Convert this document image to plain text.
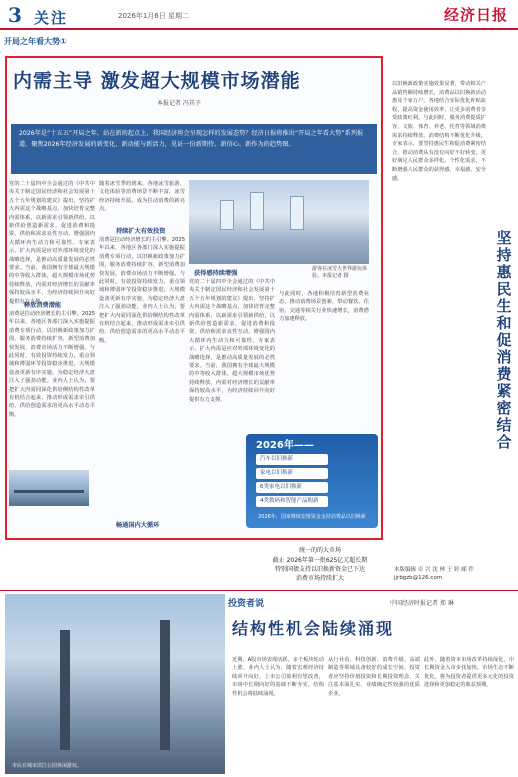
3 关注	2026年1月6日 星期二	经济日报
开局之年看大势①
内需主导 激发超大规模市场潜能
本报记者 冯其予
2026年是“十五五”开局之年，站在新的起点上，我国经济将会呈现怎样的发展态势？经济日报将推出“开局之年看大势”系列报道，聚焦2026年经济发展的新变化、新动能与新活力，见证一份新期待、新信心、新作为的趋势图。
释放消费潜能
党的二十届四中全会通过的《中共中央关于制定国民经济和社会发展第十五个五年规划的建议》提出，坚持扩大内需这个战略基点，加快培育完整内需体系，以新需求引领新供给，以新供给创造新需求，促进消费和投资、供给和需求良性互动，增强国内大循环内生动力和可靠性。专家表示，扩大内需是应对外部环境变化的战略选择，是推动高质量发展的必然要求。当前，我国拥有全球最大规模的中等收入群体，超大规模市场优势持续释放，内需对经济增长的贡献率保持较高水平，为经济持续回升向好提供有力支撑。
消费是拉动经济增长的主引擎。2025年以来，各地区各部门深入实施提振消费专项行动，以旧换新政策加力扩围，服务消费持续扩容，新型消费加快发展，消费市场活力不断增强。与此同时，有效投资持续发力，重点领域和薄弱环节投资稳步推进，大规模设备更新有序实施，为稳定经济大盘注入了强劲动能。业内人士认为，要把扩大内需同深化供给侧结构性改革有机结合起来，推动形成需求牵引供给、供给创造需求的更高水平动态平衡。
持续扩大有效投资
随着冰雪季的到来，各地冰雪旅游、文化体验等消费场景不断丰富，冰雪经济持续升温，成为拉动消费的新亮点。
消费是拉动经济增长的主引擎。2025年以来，各地区各部门深入实施提振消费专项行动，以旧换新政策加力扩围，服务消费持续扩容，新型消费加快发展，消费市场活力不断增强。与此同时，有效投资持续发力，重点领域和薄弱环节投资稳步推进，大规模设备更新有序实施，为稳定经济大盘注入了强劲动能。业内人士认为，要把扩大内需同深化供给侧结构性改革有机结合起来，推动形成需求牵引供给、供给创造需求的更高水平动态平衡。
畅通国内大循环
游客在冰雪大世界游玩体验。本报记者 摄
获得感持续增强
党的二十届四中全会通过的《中共中央关于制定国民经济和社会发展第十五个五年规划的建议》提出，坚持扩大内需这个战略基点，加快培育完整内需体系，以新需求引领新供给，以新供给创造新需求，促进消费和投资、供给和需求良性互动，增强国内大循环内生动力和可靠性。专家表示，扩大内需是应对外部环境变化的战略选择，是推动高质量发展的必然要求。当前，我国拥有全球最大规模的中等收入群体，超大规模市场优势持续释放，内需对经济增长的贡献率保持较高水平，为经济持续回升向好提供有力支撑。
与此同时，各地积极培育新型消费业态，推动消费场景创新，带动餐饮、住宿、交通等相关行业快速增长，消费潜力加速释放。
2026年——
汽车以旧换新
家电以旧换新
6类家电以旧换新
4类数码和智能产品购新
2026年，国家继续安排资金支持消费品以旧换新
统一的的大市场
截止 2026年第一批625亿元超长期
特别国债支持以旧换新资金已下达
消费市场持续扩大
以旧换新政策实施效果显著，带动相关产品销售额持续增长，消费品以旧换新活动惠及千家万户。各地结合实际优化补贴流程，提高资金使用效率，让更多消费者享受政策红利。与此同时，服务消费提质扩容，文旅、体育、养老、托育等领域消费需求持续释放，消费结构不断优化升级。专家表示，要坚持惠民生和促消费紧密结合，推动消费从有没有向好不好转变，更好满足人民群众多样化、个性化需求，不断增强人民群众的获得感、幸福感、安全感。
坚持惠民生和促消费紧密结合
本版编辑 卓 兴 沈 林 王 婷 邮 件 jjrbgzb@126.com
市民在城市滨江公园休闲游玩。
投资者说	中国经济时报记者 郑 琳
结构性机会陆续涌现
近期，A股市场表现活跃，多个板块轮动上涨。业内人士认为，随着宏观经济持续回升向好，上市公司盈利有望改善，市场中长期向好的基础不断夯实，结构性机会将陆续涌现。
从行业看，科技创新、消费升级、高端制造等领域具备较好的成长空间。投资者应坚持价值投资和长期投资理念，关注基本面扎实、业绩确定性较强的优质企业。
此外，随着资本市场改革持续深化，中长期资金入市步伐加快，市场生态不断优化，将为投资者提供更多元化的投资选择和更加稳定的收益预期。
